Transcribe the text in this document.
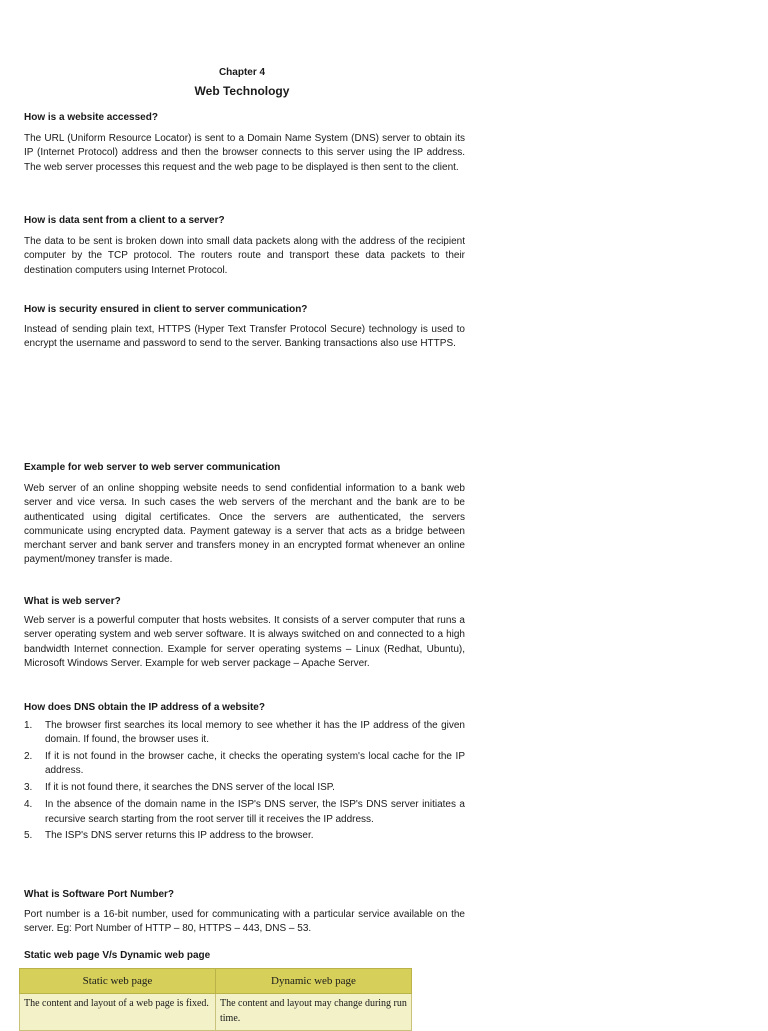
Chapter 4
Web Technology
How is a website accessed?
The URL (Uniform Resource Locator) is sent to a Domain Name System (DNS) server to obtain its IP (Internet Protocol) address and then the browser connects to this server using the IP address. The web server processes this request and the web page to be displayed is then sent to the client.
How is data sent from a client to a server?
The data to be sent is broken down into small data packets along with the address of the recipient computer by the TCP protocol. The routers route and transport these data packets to their destination computers using Internet Protocol.
How is security ensured in client to server communication?
Instead of sending plain text, HTTPS (Hyper Text Transfer Protocol Secure) technology is used to encrypt the username and password to send to the server. Banking transactions also use HTTPS.
Example for web server to web server communication
Web server of an online shopping website needs to send confidential information to a bank web server and vice versa. In such cases the web servers of the merchant and the bank are to be authenticated using digital certificates. Once the servers are authenticated, the servers communicate using encrypted data. Payment gateway is a server that acts as a bridge between merchant server and bank server and transfers money in an encrypted format whenever an online payment/money transfer is made.
What is web server?
Web server is a powerful computer that hosts websites. It consists of a server computer that runs a server operating system and web server software. It is always switched on and connected to a high bandwidth Internet connection. Example for server operating systems – Linux (Redhat, Ubuntu), Microsoft Windows Server. Example for web server package – Apache Server.
How does DNS obtain the IP address of a website?
1. The browser first searches its local memory to see whether it has the IP address of the given domain. If found, the browser uses it.
2. If it is not found in the browser cache, it checks the operating system's local cache for the IP address.
3. If it is not found there, it searches the DNS server of the local ISP.
4. In the absence of the domain name in the ISP's DNS server, the ISP's DNS server initiates a recursive search starting from the root server till it receives the IP address.
5. The ISP's DNS server returns this IP address to the browser.
What is Software Port Number?
Port number is a 16-bit number, used for communicating with a particular service available on the server. Eg: Port Number of HTTP – 80, HTTPS – 443, DNS – 53.
Static web page V/s Dynamic web page
Static web page	Dynamic web page
The content and layout of a web page is fixed.	The content and layout may change during run time.
